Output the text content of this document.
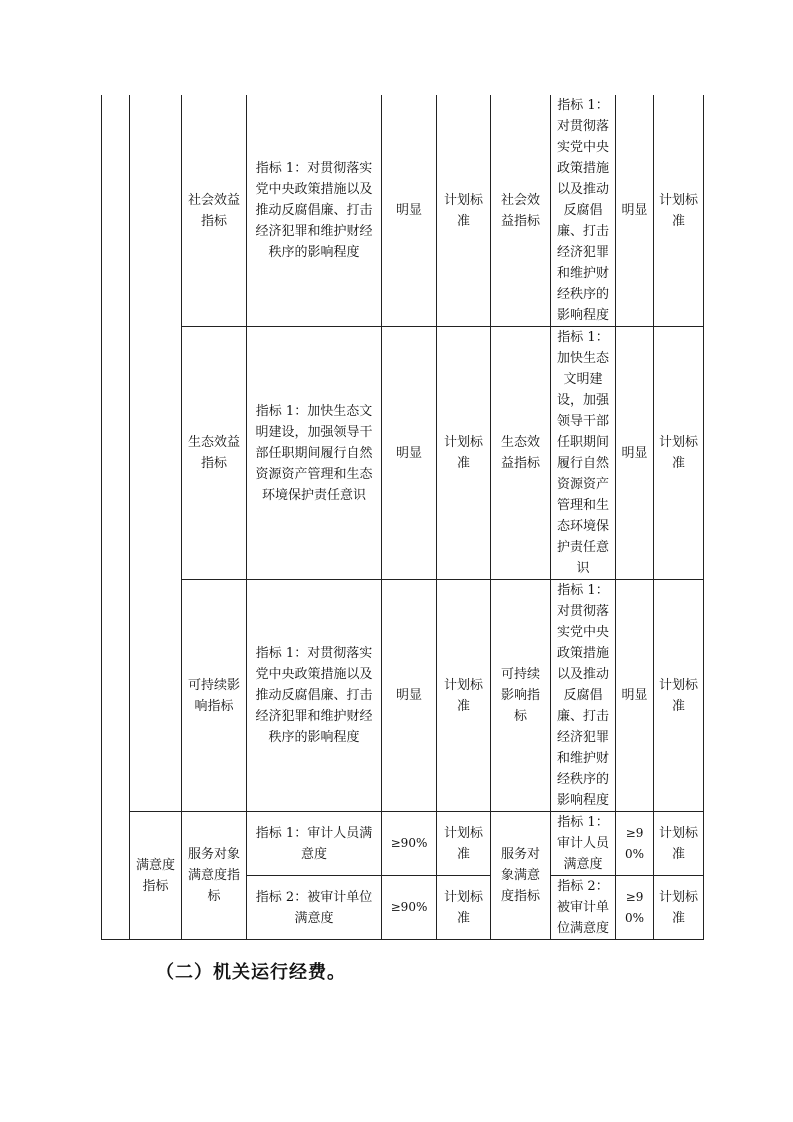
		社会效益指标	指标 1：对贯彻落实党中央政策措施以及推动反腐倡廉、打击经济犯罪和维护财经秩序的影响程度	明显	计划标准	社会效益指标	指标 1：对贯彻落实党中央政策措施以及推动反腐倡廉、打击经济犯罪和维护财经秩序的影响程度	明显	计划标准
		生态效益指标	指标 1：加快生态文明建设，加强领导干部任职期间履行自然资源资产管理和生态环境保护责任意识	明显	计划标准	生态效益指标	指标 1：加快生态文明建设，加强领导干部任职期间履行自然资源资产管理和生态环境保护责任意识	明显	计划标准
		可持续影响指标	指标 1：对贯彻落实党中央政策措施以及推动反腐倡廉、打击经济犯罪和维护财经秩序的影响程度	明显	计划标准	可持续影响指标	指标 1：对贯彻落实党中央政策措施以及推动反腐倡廉、打击经济犯罪和维护财经秩序的影响程度	明显	计划标准
	满意度指标	服务对象满意度指标	指标 1：审计人员满意度	≥90%	计划标准	服务对象满意度指标	指标 1：审计人员满意度	≥90%	计划标准
			指标 2：被审计单位满意度	≥90%	计划标准		指标 2：被审计单位满意度	≥90%	计划标准
（二）机关运行经费。
